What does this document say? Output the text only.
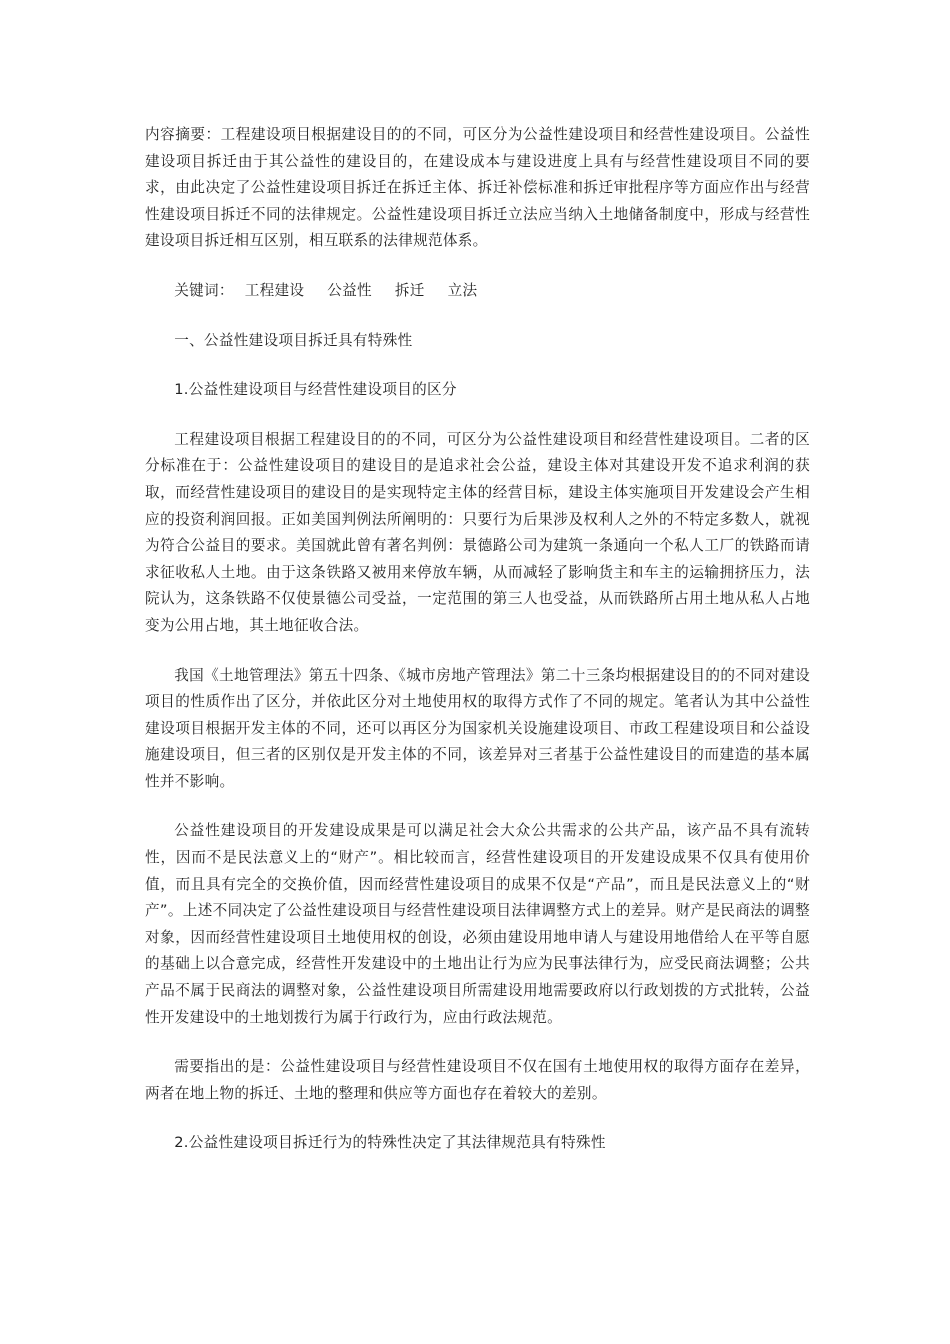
内容摘要：工程建设项目根据建设目的的不同，可区分为公益性建设项目和经营性建设项目。公益性建设项目拆迁由于其公益性的建设目的，在建设成本与建设进度上具有与经营性建设项目不同的要求，由此决定了公益性建设项目拆迁在拆迁主体、拆迁补偿标准和拆迁审批程序等方面应作出与经营性建设项目拆迁不同的法律规定。公益性建设项目拆迁立法应当纳入土地储备制度中，形成与经营性建设项目拆迁相互区别，相互联系的法律规范体系。

关键词： 工程建设 公益性 拆迁 立法

一、公益性建设项目拆迁具有特殊性

1.公益性建设项目与经营性建设项目的区分

工程建设项目根据工程建设目的的不同，可区分为公益性建设项目和经营性建设项目。二者的区分标准在于：公益性建设项目的建设目的是追求社会公益，建设主体对其建设开发不追求利润的获取，而经营性建设项目的建设目的是实现特定主体的经营目标，建设主体实施项目开发建设会产生相应的投资利润回报。正如美国判例法所阐明的：只要行为后果涉及权利人之外的不特定多数人，就视为符合公益目的要求。美国就此曾有著名判例：景德路公司为建筑一条通向一个私人工厂的铁路而请求征收私人土地。由于这条铁路又被用来停放车辆，从而减轻了影响货主和车主的运输拥挤压力，法院认为，这条铁路不仅使景德公司受益，一定范围的第三人也受益，从而铁路所占用土地从私人占地变为公用占地，其土地征收合法。

我国《土地管理法》第五十四条、《城市房地产管理法》第二十三条均根据建设目的的不同对建设项目的性质作出了区分，并依此区分对土地使用权的取得方式作了不同的规定。笔者认为其中公益性建设项目根据开发主体的不同，还可以再区分为国家机关设施建设项目、市政工程建设项目和公益设施建设项目，但三者的区别仅是开发主体的不同，该差异对三者基于公益性建设目的而建造的基本属性并不影响。

公益性建设项目的开发建设成果是可以满足社会大众公共需求的公共产品，该产品不具有流转性，因而不是民法意义上的“财产”。相比较而言，经营性建设项目的开发建设成果不仅具有使用价值，而且具有完全的交换价值，因而经营性建设项目的成果不仅是“产品”，而且是民法意义上的“财产”。上述不同决定了公益性建设项目与经营性建设项目法律调整方式上的差异。财产是民商法的调整对象，因而经营性建设项目土地使用权的创设，必须由建设用地申请人与建设用地借给人在平等自愿的基础上以合意完成，经营性开发建设中的土地出让行为应为民事法律行为，应受民商法调整；公共产品不属于民商法的调整对象，公益性建设项目所需建设用地需要政府以行政划拨的方式批转，公益性开发建设中的土地划拨行为属于行政行为，应由行政法规范。

需要指出的是：公益性建设项目与经营性建设项目不仅在国有土地使用权的取得方面存在差异，两者在地上物的拆迁、土地的整理和供应等方面也存在着较大的差别。

2.公益性建设项目拆迁行为的特殊性决定了其法律规范具有特殊性
